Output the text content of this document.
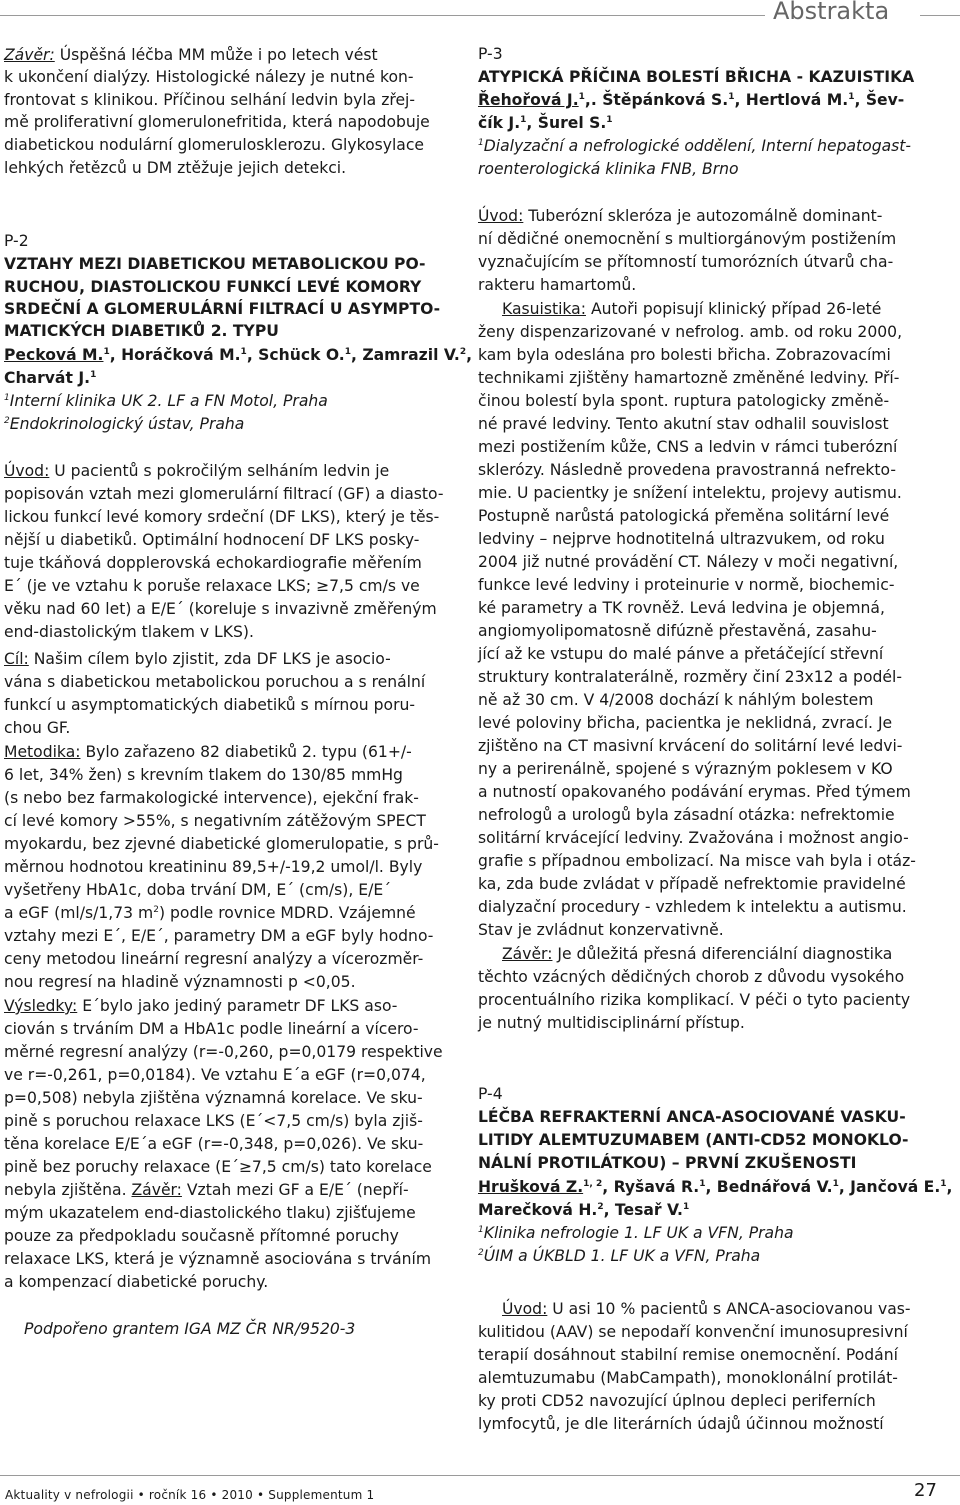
Abstrakta
Závěr: Úspěšná léčba MM může i po letech vést
k ukončení dialýzy. Histologické nálezy je nutné kon-
frontovat s klinikou. Příčinou selhání ledvin byla zřej-
mě proliferativní glomerulonefritida, která napodobuje
diabetickou nodulární glomerulosklerozu. Glykosylace
lehkých řetězců u DM ztěžuje jejich detekci.
P-2
VZTAHY MEZI DIABETICKOU METABOLICKOU PO-
RUCHOU, DIASTOLICKOU FUNKCÍ LEVÉ KOMORY
SRDEČNÍ A GLOMERULÁRNÍ FILTRACÍ U ASYMPTO-
MATICKÝCH DIABETIKŮ 2. TYPU
Pecková M.$^1$, Horáčková M.$^1$, Schück O.$^1$, Zamrazil V.$^2$,
Charvát J.$^1$
$^1$Interní klinika UK 2. LF a FN Motol, Praha
$^2$Endokrinologický ústav, Praha
Úvod: U pacientů s pokročilým selháním ledvin je
popisován vztah mezi glomerulární filtrací (GF) a diasto-
lickou funkcí levé komory srdeční (DF LKS), který je těs-
nější u diabetiků. Optimální hodnocení DF LKS posky-
tuje tkáňová dopplerovská echokardiografie měřením
E´ (je ve vztahu k poruše relaxace LKS; ≥7,5 cm/s ve
věku nad 60 let) a E/E´ (koreluje s invazivně změřeným
end-diastolickým tlakem v LKS).
Cíl: Našim cílem bylo zjistit, zda DF LKS je asocio-
vána s diabetickou metabolickou poruchou a s renální
funkcí u asymptomatických diabetiků s mírnou poru-
chou GF.
Metodika: Bylo zařazeno 82 diabetiků 2. typu (61+/-
6 let, 34% žen) s krevním tlakem do 130/85 mmHg
(s nebo bez farmakologické intervence), ejekční frak-
cí levé komory >55%, s negativním zátěžovým SPECT
myokardu, bez zjevné diabetické glomerulopatie, s prů-
měrnou hodnotou kreatininu 89,5+/-19,2 umol/l. Byly
vyšetřeny HbA1c, doba trvání DM, E´ (cm/s), E/E´
a eGF (ml/s/1,73 $m^2$) podle rovnice MDRD. Vzájemné
vztahy mezi E´, E/E´, parametry DM a eGF byly hodno-
ceny metodou lineární regresní analýzy a vícerozměr-
nou regresí na hladině významnosti p <0,05.
Výsledky: E´bylo jako jediný parametr DF LKS aso-
ciován s trváním DM a HbA1c podle lineární a vícero-
měrné regresní analýzy (r=-0,260, p=0,0179 respektive
ve r=-0,261, p=0,0184). Ve vztahu E´a eGF (r=0,074,
p=0,508) nebyla zjištěna významná korelace. Ve sku-
pině s poruchou relaxace LKS (E´<7,5 cm/s) byla zjiš-
těna korelace E/E´a eGF (r=-0,348, p=0,026). Ve sku-
pině bez poruchy relaxace (E´≥7,5 cm/s) tato korelace
nebyla zjištěna. Závěr: Vztah mezi GF a E/E´ (nepří-
mým ukazatelem end-diastolického tlaku) zjišťujeme
pouze za předpokladu současně přítomné poruchy
relaxace LKS, která je významně asociována s trváním
a kompenzací diabetické poruchy.
Podpořeno grantem IGA MZ ČR NR/9520-3
P-3
ATYPICKÁ PŘÍČINA BOLESTÍ BŘICHA - KAZUISTIKA
Řehořová J.$^1$,. Štěpánková S.$^1$, Hertlová M.$^1$, Šev-
čík J.$^1$, Šurel S.$^1$
$^1$Dialyzační a nefrologické oddělení, Interní hepatogast-
roenterologická klinika FNB, Brno
Úvod: Tuberózní skleróza je autozomálně dominant-
ní dědičné onemocnění s multiorgánovým postižením
vyznačujícím se přítomností tumorózních útvarů cha-
rakteru hamartomů.
Kasuistika: Autoři popisují klinický případ 26-leté
ženy dispenzarizované v nefrolog. amb. od roku 2000,
kam byla odeslána pro bolesti břicha. Zobrazovacími
technikami zjištěny hamartozně změněné ledviny. Pří-
činou bolestí byla spont. ruptura patologicky změně-
né pravé ledviny. Tento akutní stav odhalil souvislost
mezi postižením kůže, CNS a ledvin v rámci tuberózní
sklerózy. Následně provedena pravostranná nefrekto-
mie. U pacientky je snížení intelektu, projevy autismu.
Postupně narůstá patologická přeměna solitární levé
ledviny – nejprve hodnotitelná ultrazvukem, od roku
2004 již nutné provádění CT. Nálezy v moči negativní,
funkce levé ledviny i proteinurie v normě, biochemic-
ké parametry a TK rovněž. Levá ledvina je objemná,
angiomyolipomatosně difúzně přestavěná, zasahu-
jící až ke vstupu do malé pánve a přetáčející střevní
struktury kontralaterálně, rozměry činí 23x12 a podél-
ně až 30 cm. V 4/2008 dochází k náhlým bolestem
levé poloviny břicha, pacientka je neklidná, zvrací. Je
zjištěno na CT masivní krvácení do solitární levé ledvi-
ny a perirenálně, spojené s výrazným poklesem v KO
a nutností opakovaného podávání erymas. Před týmem
nefrologů a urologů byla zásadní otázka: nefrektomie
solitární krvácející ledviny. Zvažována i možnost angio-
grafie s případnou embolizací. Na misce vah byla i otáz-
ka, zda bude zvládat v případě nefrektomie pravidelné
dialyzační procedury - vzhledem k intelektu a autismu.
Stav je zvládnut konzervativně.
Závěr: Je důležitá přesná diferenciální diagnostika
těchto vzácných dědičných chorob z důvodu vysokého
procentuálního rizika komplikací. V péči o tyto pacienty
je nutný multidisciplinární přístup.
P-4
LÉČBA REFRAKTERNÍ ANCA-ASOCIOVANÉ VASKU-
LITIDY ALEMTUZUMABEM (ANTI-CD52 MONOKLO-
NÁLNÍ PROTILÁTKOU) – PRVNÍ ZKUŠENOSTI
Hrušková Z.$^{1, 2}$, Ryšavá R.$^1$, Bednářová V.$^1$, Jančová E.$^1$,
Marečková H.$^2$, Tesař V.$^1$
$^1$Klinika nefrologie 1. LF UK a VFN, Praha
$^2$ÚIM a ÚKBLD 1. LF UK a VFN, Praha
Úvod: U asi 10 % pacientů s ANCA-asociovanou vas-
kulitidou (AAV) se nepodaří konvenční imunosupresivní
terapií dosáhnout stabilní remise onemocnění. Podání
alemtuzumabu (MabCampath), monoklonální protilát-
ky proti CD52 navozující úplnou depleci periferních
lymfocytů, je dle literárních údajů účinnou možností
Aktuality v nefrologii • ročník 16 • 2010 • Supplementum 1	27
